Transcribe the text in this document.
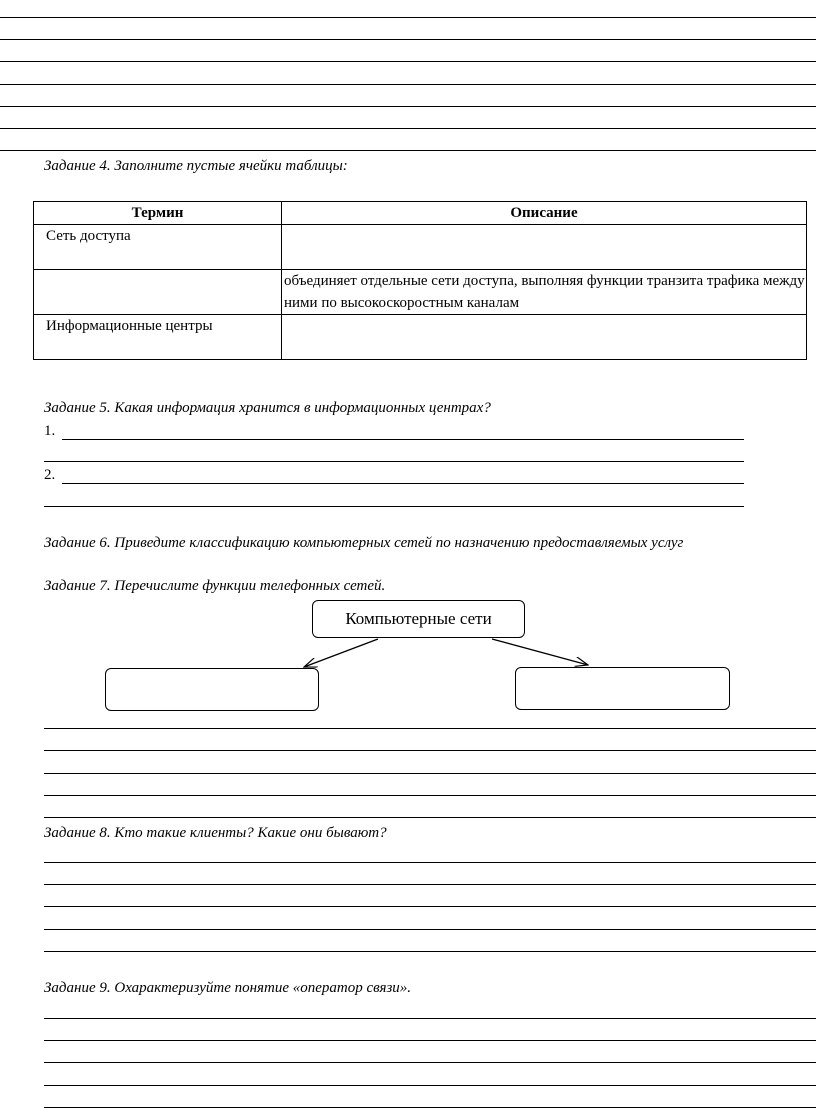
Задание 4. Заполните пустые ячейки таблицы:

Термин	Описание
Сеть доступа	
	объединяет отдельные сети доступа, выполняя функции транзита трафика между ними по высокоскоростным каналам
Информационные центры	

Задание 5. Какая информация хранится в информационных центрах?

1.
2.

Задание 6. Приведите классификацию компьютерных сетей по назначению предоставляемых услуг

Задание 7. Перечислите функции телефонных сетей.

Компьютерные сети

Задание 8. Кто такие клиенты? Какие они бывают?

Задание 9. Охарактеризуйте понятие «оператор связи».
